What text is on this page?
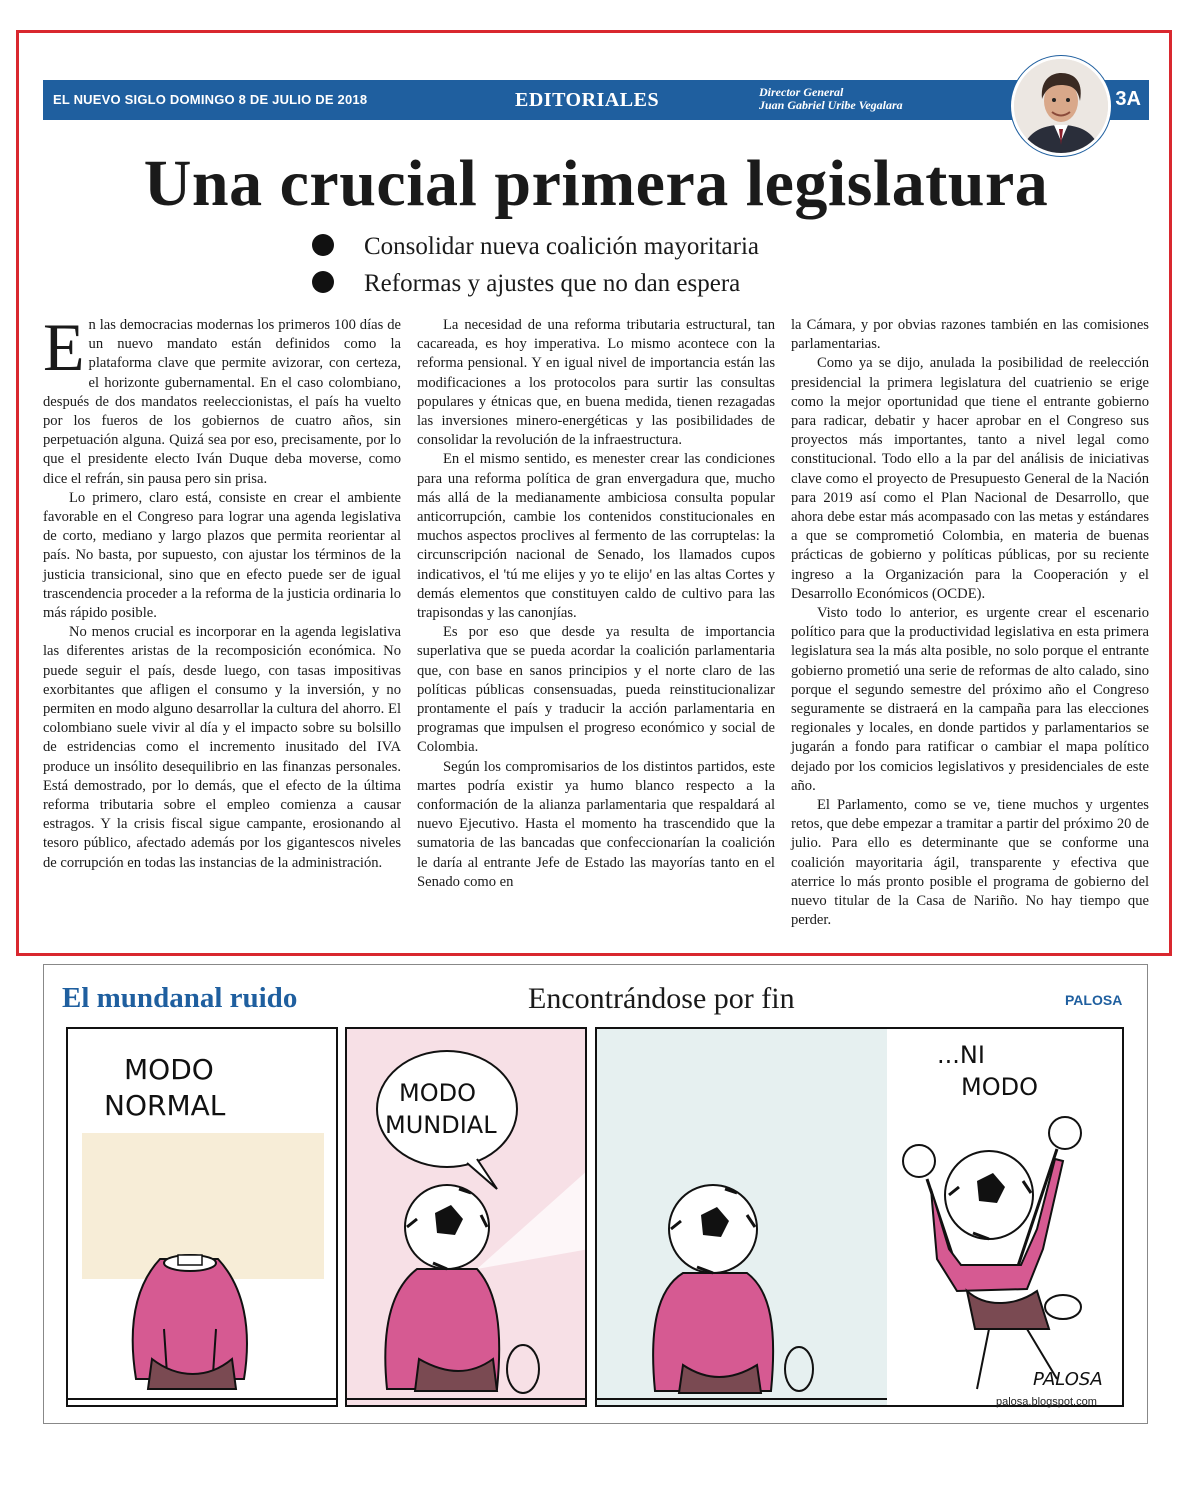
EL NUEVO SIGLO DOMINGO 8 DE JULIO DE 2018	EDITORIALES	Director General
Juan Gabriel Uribe Vegalara	3A
Una crucial primera legislatura
Consolidar nueva coalición mayoritaria
Reformas y ajustes que no dan espera

En las democracias modernas los primeros 100 días de un nuevo mandato están definidos como la plataforma clave que permite avizorar, con certeza, el horizonte gubernamental. En el caso colombiano, después de dos mandatos reeleccionistas, el país ha vuelto por los fueros de los gobiernos de cuatro años, sin perpetuación alguna. Quizá sea por eso, precisamente, por lo que el presidente electo Iván Duque deba moverse, como dice el refrán, sin pausa pero sin prisa.

Lo primero, claro está, consiste en crear el ambiente favorable en el Congreso para lograr una agenda legislativa de corto, mediano y largo plazos que permita reorientar al país. No basta, por supuesto, con ajustar los términos de la justicia transicional, sino que en efecto puede ser de igual trascendencia proceder a la reforma de la justicia ordinaria lo más rápido posible.

No menos crucial es incorporar en la agenda legislativa las diferentes aristas de la recomposición económica. No puede seguir el país, desde luego, con tasas impositivas exorbitantes que afligen el consumo y la inversión, y no permiten en modo alguno desarrollar la cultura del ahorro. El colombiano suele vivir al día y el impacto sobre su bolsillo de estridencias como el incremento inusitado del IVA produce un insólito desequilibrio en las finanzas personales. Está demostrado, por lo demás, que el efecto de la última reforma tributaria sobre el empleo comienza a causar estragos. Y la crisis fiscal sigue campante, erosionando al tesoro público, afectado además por los gigantescos niveles de corrupción en todas las instancias de la administración.

La necesidad de una reforma tributaria estructural, tan cacareada, es hoy imperativa. Lo mismo acontece con la reforma pensional. Y en igual nivel de importancia están las modificaciones a los protocolos para surtir las consultas populares y étnicas que, en buena medida, tienen rezagadas las inversiones minero-energéticas y las posibilidades de consolidar la revolución de la infraestructura.

En el mismo sentido, es menester crear las condiciones para una reforma política de gran envergadura que, mucho más allá de la medianamente ambiciosa consulta popular anticorrupción, cambie los contenidos constitucionales en muchos aspectos proclives al fermento de las corruptelas: la circunscripción nacional de Senado, los llamados cupos indicativos, el 'tú me elijes y yo te elijo' en las altas Cortes y demás elementos que constituyen caldo de cultivo para las trapisondas y las canonjías.

Es por eso que desde ya resulta de importancia superlativa que se pueda acordar la coalición parlamentaria que, con base en sanos principios y el norte claro de las políticas públicas consensuadas, pueda reinstitucionalizar prontamente el país y traducir la acción parlamentaria en programas que impulsen el progreso económico y social de Colombia.

Según los compromisarios de los distintos partidos, este martes podría existir ya humo blanco respecto a la conformación de la alianza parlamentaria que respaldará al nuevo Ejecutivo. Hasta el momento ha trascendido que la sumatoria de las bancadas que confeccionarían la coalición le daría al entrante Jefe de Estado las mayorías tanto en el Senado como en

la Cámara, y por obvias razones también en las comisiones parlamentarias.

Como ya se dijo, anulada la posibilidad de reelección presidencial la primera legislatura del cuatrienio se erige como la mejor oportunidad que tiene el entrante gobierno para radicar, debatir y hacer aprobar en el Congreso sus proyectos más importantes, tanto a nivel legal como constitucional. Todo ello a la par del análisis de iniciativas clave como el proyecto de Presupuesto General de la Nación para 2019 así como el Plan Nacional de Desarrollo, que ahora debe estar más acompasado con las metas y estándares a que se comprometió Colombia, en materia de buenas prácticas de gobierno y políticas públicas, por su reciente ingreso a la Organización para la Cooperación y el Desarrollo Económicos (OCDE).

Visto todo lo anterior, es urgente crear el escenario político para que la productividad legislativa en esta primera legislatura sea la más alta posible, no solo porque el entrante gobierno prometió una serie de reformas de alto calado, sino porque el segundo semestre del próximo año el Congreso seguramente se distraerá en la campaña para las elecciones regionales y locales, en donde partidos y parlamentarios se jugarán a fondo para ratificar o cambiar el mapa político dejado por los comicios legislativos y presidenciales de este año.

El Parlamento, como se ve, tiene muchos y urgentes retos, que debe empezar a tramitar a partir del próximo 20 de julio. Para ello es determinante que se conforme una coalición mayoritaria ágil, transparente y efectiva que aterrice lo más pronto posible el programa de gobierno del nuevo titular de la Casa de Nariño. No hay tiempo que perder.

El mundanal ruido	Encontrándose por fin	PALOSA
MODO
NORMAL	MODO
MUNDIAL
...NI
MODO
PALOSA
palosa.blogspot.com
